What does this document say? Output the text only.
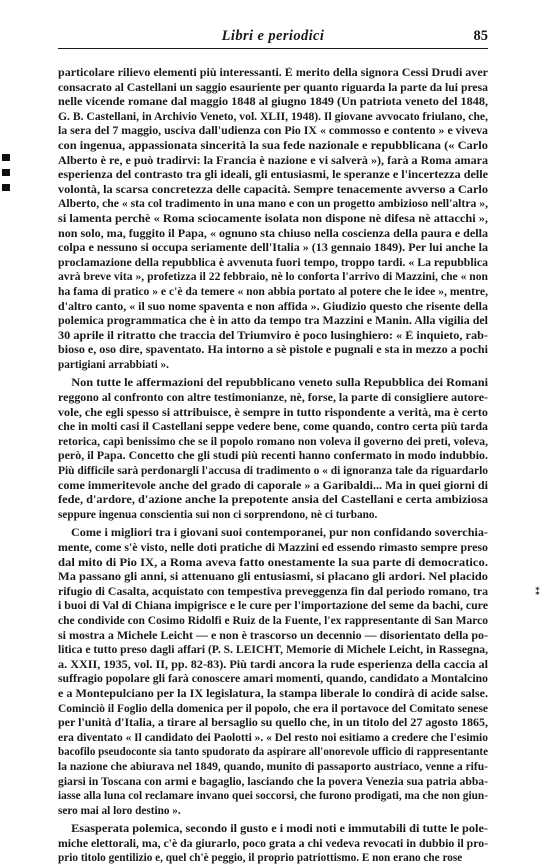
Libri e periodici	85
⁑
particolare rilievo elementi più interessanti. È merito della signora Cessi Drudi aver
consacrato al Castellani un saggio esauriente per quanto riguarda la parte da lui presa
nelle vicende romane dal maggio 1848 al giugno 1849 (Un patriota veneto del 1848,
G. B. Castellani, in Archivio Veneto, vol. XLII, 1948). Il giovane avvocato friulano, che,
la sera del 7 maggio, usciva dall'udienza con Pio IX « commosso e contento » e viveva
con ingenua, appassionata sincerità la sua fede nazionale e repubblicana (« Carlo
Alberto è re, e può tradirvi: la Francia è nazione e vi salverà »), farà a Roma amara
esperienza del contrasto tra gli ideali, gli entusiasmi, le speranze e l'incertezza delle
volontà, la scarsa concretezza delle capacità. Sempre tenacemente avverso a Carlo
Alberto, che « sta col tradimento in una mano e con un progetto ambizioso nell'altra »,
si lamenta perchè « Roma sciocamente isolata non dispone nè difesa nè attacchi »,
non solo, ma, fuggito il Papa, « ognuno sta chiuso nella coscienza della paura e della
colpa e nessuno si occupa seriamente dell'Italia » (13 gennaio 1849). Per lui anche la
proclamazione della repubblica è avvenuta fuori tempo, troppo tardi. « La repubblica
avrà breve vita », profetizza il 22 febbraio, nè lo conforta l'arrivo di Mazzini, che « non
ha fama di pratico » e c'è da temere « non abbia portato al potere che le idee », mentre,
d'altro canto, « il suo nome spaventa e non affida ». Giudizio questo che risente della
polemica programmatica che è in atto da tempo tra Mazzini e Manin. Alla vigilia del
30 aprile il ritratto che traccia del Triumviro è poco lusinghiero: « È inquieto, rab-
bioso e, oso dire, spaventato. Ha intorno a sè pistole e pugnali e sta in mezzo a pochi
partigiani arrabbiati ».
Non tutte le affermazioni del repubblicano veneto sulla Repubblica dei Romani
reggono al confronto con altre testimonianze, nè, forse, la parte di consigliere autore-
vole, che egli spesso si attribuisce, è sempre in tutto rispondente a verità, ma è certo
che in molti casi il Castellani seppe vedere bene, come quando, contro certa più tarda
retorica, capì benissimo che se il popolo romano non voleva il governo dei preti, voleva,
però, il Papa. Concetto che gli studi più recenti hanno confermato in modo indubbio.
Più difficile sarà perdonargli l'accusa di tradimento o « di ignoranza tale da riguardarlo
come immeritevole anche del grado di caporale » a Garibaldi... Ma in quei giorni di
fede, d'ardore, d'azione anche la prepotente ansia del Castellani e certa ambiziosa
seppure ingenua conscientia sui non ci sorprendono, nè ci turbano.
Come i migliori tra i giovani suoi contemporanei, pur non confidando soverchia-
mente, come s'è visto, nelle doti pratiche di Mazzini ed essendo rimasto sempre preso
dal mito di Pio IX, a Roma aveva fatto onestamente la sua parte di democratico.
Ma passano gli anni, si attenuano gli entusiasmi, si placano gli ardori. Nel placido
rifugio di Casalta, acquistato con tempestiva preveggenza fin dal periodo romano, tra
i buoi di Val di Chiana impigrisce e le cure per l'importazione del seme da bachi, cure
che condivide con Cosimo Ridolfi e Ruiz de la Fuente, l'ex rappresentante di San Marco
si mostra a Michele Leicht — e non è trascorso un decennio — disorientato della po-
litica e tutto preso dagli affari (P. S. LEICHT, Memorie di Michele Leicht, in Rassegna,
a. XXII, 1935, vol. II, pp. 82-83). Più tardi ancora la rude esperienza della caccia al
suffragio popolare gli farà conoscere amari momenti, quando, candidato a Montalcino
e a Montepulciano per la IX legislatura, la stampa liberale lo condirà di acide salse.
Cominciò il Foglio della domenica per il popolo, che era il portavoce del Comitato senese
per l'unità d'Italia, a tirare al bersaglio su quello che, in un titolo del 27 agosto 1865,
era diventato « Il candidato dei Paolotti ». « Del resto noi esitiamo a credere che l'esimio
bacofilo pseudoconte sia tanto spudorato da aspirare all'onorevole ufficio di rappresentante
la nazione che abiurava nel 1849, quando, munito di passaporto austriaco, venne a rifu-
giarsi in Toscana con armi e bagaglio, lasciando che la povera Venezia sua patria abba-
iasse alla luna col reclamare invano quei soccorsi, che furono prodigati, ma che non giun-
sero mai al loro destino ».
Esasperata polemica, secondo il gusto e i modi noti e immutabili di tutte le pole-
miche elettorali, ma, c'è da giurarlo, poco grata a chi vedeva revocati in dubbio il pro-
prio titolo gentilizio e, quel ch'è peggio, il proprio patriottismo. E non erano che rose
